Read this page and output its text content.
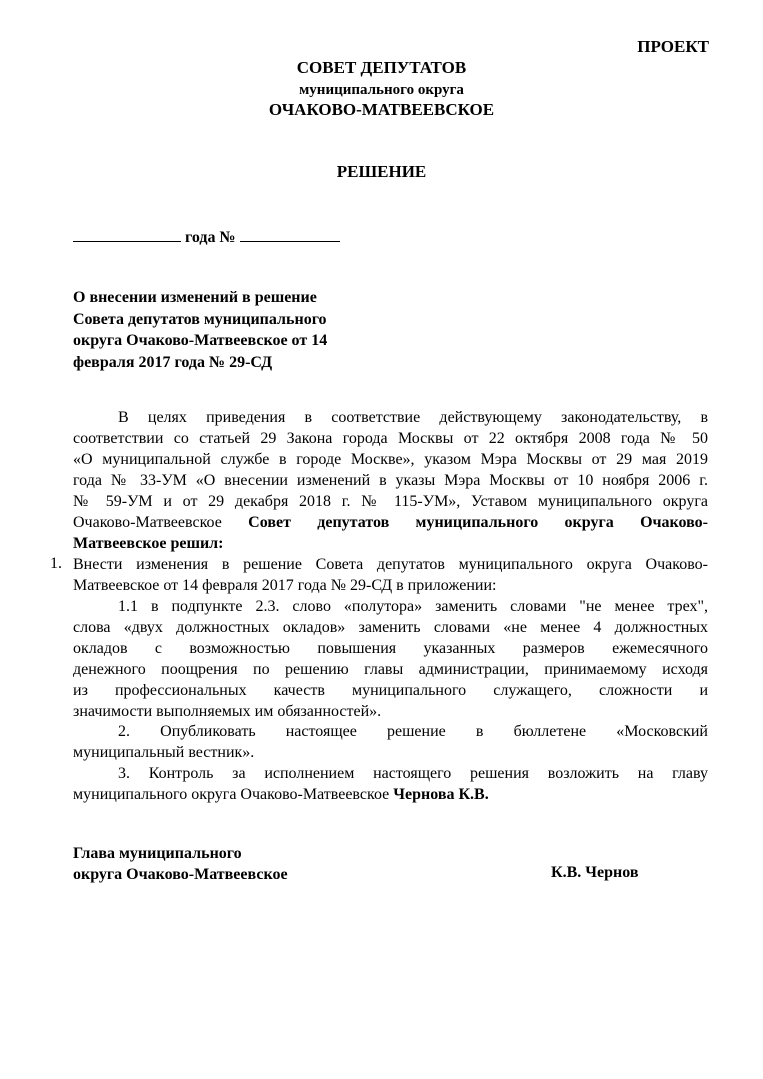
ПРОЕКТ
СОВЕТ ДЕПУТАТОВ
муниципального округа
ОЧАКОВО-МАТВЕЕВСКОЕ
РЕШЕНИЕ
года №
О внесении изменений в решение
Совета депутатов муниципального
округа Очаково-Матвеевское от 14
февраля 2017 года № 29-СД
В целях приведения в соответствие действующему законодательству, в
соответствии со статьей 29 Закона города Москвы от 22 октября 2008 года № 50
«О муниципальной службе в городе Москве», указом Мэра Москвы от 29 мая 2019
года № 33-УМ «О внесении изменений в указы Мэра Москвы от 10 ноября 2006 г.
№ 59-УМ и от 29 декабря 2018 г. № 115-УМ», Уставом муниципального округа
Очаково-Матвеевское Совет депутатов муниципального округа Очаково-
Матвеевское решил:
1. Внести изменения в решение Совета депутатов муниципального округа Очаково-
Матвеевское от 14 февраля 2017 года № 29-СД в приложении:
1.1 в подпункте 2.3. слово «полутора» заменить словами "не менее трех",
слова «двух должностных окладов» заменить словами «не менее 4 должностных
окладов с возможностью повышения указанных размеров ежемесячного
денежного поощрения по решению главы администрации, принимаемому исходя
из профессиональных качеств муниципального служащего, сложности и
значимости выполняемых им обязанностей».
2. Опубликовать настоящее решение в бюллетене «Московский
муниципальный вестник».
3. Контроль за исполнением настоящего решения возложить на главу
муниципального округа Очаково-Матвеевское Чернова К.В.
Глава муниципального
округа Очаково-Матвеевское	К.В. Чернов
